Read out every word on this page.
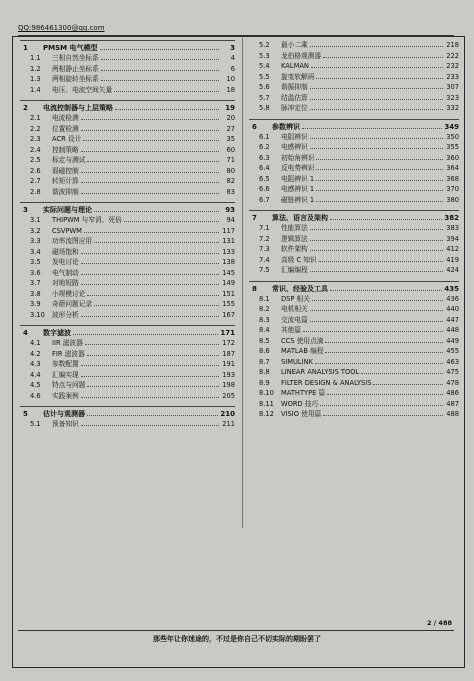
QQ:986461300@qq.com
1	PMSM 电气模型	3
1.1	三相自然坐标系	4
1.2	两相静止坐标系	6
1.3	两相旋转坐标系	10
1.4	电压、电流空间矢量	18
2	电流控制器与上层策略	19
2.1	电流检测	20
2.2	位置检测	27
2.3	ACR 设计	35
2.4	控制策略	60
2.5	标定与测试	71
2.6	弱磁控制	80
2.7	转矩计算	82
2.8	谐波抑制	83
3	实际问题与理论	93
3.1	THIPWM 与窄消、死倍	94
3.2	CSVPWM	117
3.3	功率流图应用	131
3.4	磁场饱和	133
3.5	发电讨论	138
3.6	电气制动	145
3.7	对地短路	149
3.8	小规模讨论	151
3.9	奇葩问题记录	155
3.10	波形分析	167
4	数字滤波	171
4.1	IIR 滤波器	172
4.2	FIR 滤波器	187
4.3	参数配置	191
4.4	汇编实现	193
4.5	特点与问题	198
4.6	实践案例	205
5	估计与观测器	210
5.1	预备知识	211
5.2	最小二乘	218
5.3	龙伯格观测器	222
5.4	KALMAN	232
5.5	旋变软解码	233
5.6	谐振抑制	307
5.7	结温估算	323
5.8	脉冲定位	332
6	参数辨识	349
6.1	电阻辨识	350
6.2	电感辨识	355
6.3	初始角辨识	360
6.4	反电势辨识	364
6.5	电阻辨识 1	368
6.6	电感辨识 1	370
6.7	磁链辨识 1	380
7	算法、语言及架构	382
7.1	性能算法	383
7.2	逻辑算法	394
7.3	软件架构	412
7.4	高级 C 知识	419
7.5	汇编编程	424
8	常识、经验及工具	435
8.1	DSP 相关	436
8.2	电机相关	440
8.3	交流电篇	447
8.4	其他篇	448
8.5	CCS 使用点滴	449
8.6	MATLAB 编程	455
8.7	SIMULINK	463
8.8	LINEAR ANALYSIS TOOL	475
8.9	FILTER DESIGN & ANALYSIS	478
8.10	MATHTYPE 篇	486
8.11	WORD 技巧	487
8.12	VISIO 使用篇	488
2 / 488
那些年让你迷途的，不过是你自己不切实际的期盼罢了
